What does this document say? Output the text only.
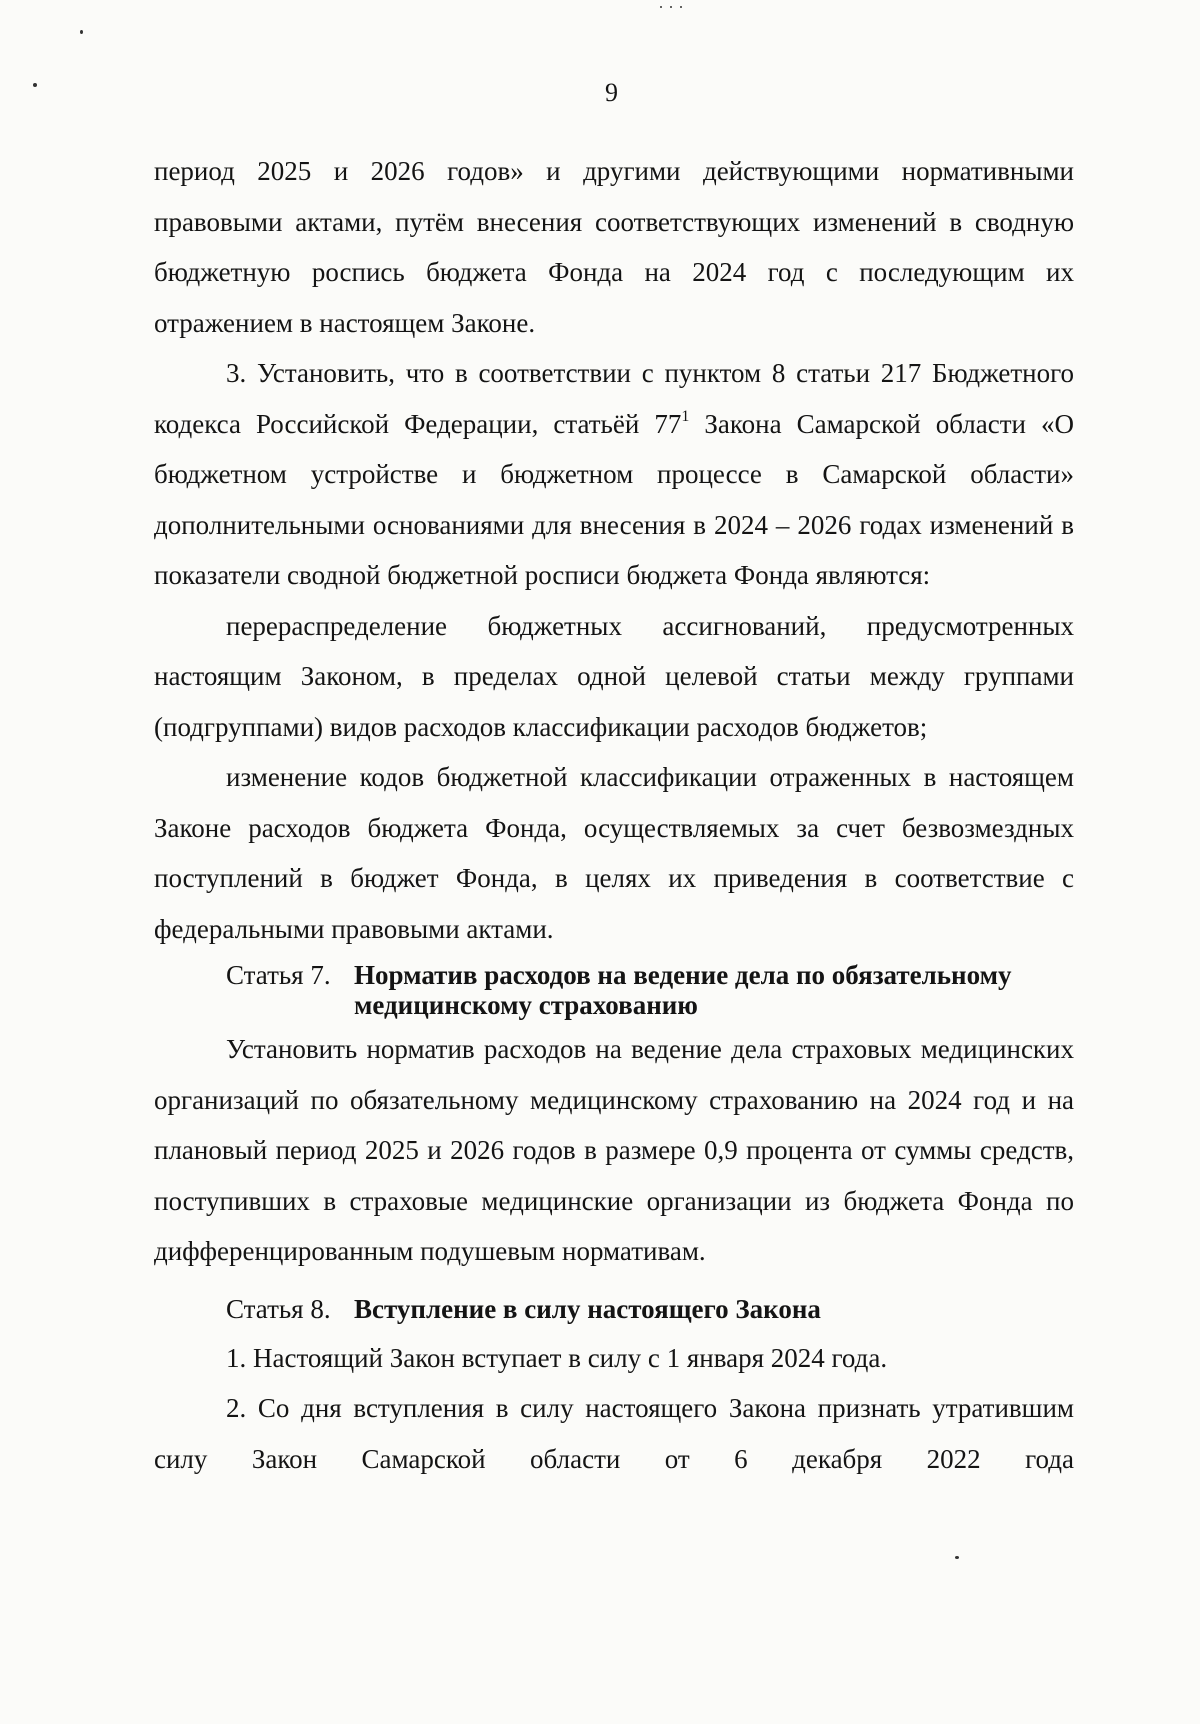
9

период 2025 и 2026 годов» и другими действующими нормативными правовыми актами, путём внесения соответствующих изменений в сводную бюджетную роспись бюджета Фонда на 2024 год с последующим их отражением в настоящем Законе.

3. Установить, что в соответствии с пунктом 8 статьи 217 Бюджетного кодекса Российской Федерации, статьёй $77^1$ Закона Самарской области «О бюджетном устройстве и бюджетном процессе в Самарской области» дополнительными основаниями для внесения в 2024 – 2026 годах изменений в показатели сводной бюджетной росписи бюджета Фонда являются:

перераспределение бюджетных ассигнований, предусмотренных настоящим Законом, в пределах одной целевой статьи между группами (подгруппами) видов расходов классификации расходов бюджетов;

изменение кодов бюджетной классификации отраженных в настоящем Законе расходов бюджета Фонда, осуществляемых за счет безвозмездных поступлений в бюджет Фонда, в целях их приведения в соответствие с федеральными правовыми актами.

Статья 7. Норматив расходов на ведение дела по обязательному медицинскому страхованию

Установить норматив расходов на ведение дела страховых медицинских организаций по обязательному медицинскому страхованию на 2024 год и на плановый период 2025 и 2026 годов в размере 0,9 процента от суммы средств, поступивших в страховые медицинские организации из бюджета Фонда по дифференцированным подушевым нормативам.

Статья 8. Вступление в силу настоящего Закона

1. Настоящий Закон вступает в силу с 1 января 2024 года.

2. Со дня вступления в силу настоящего Закона признать утратившим силу Закон Самарской области от 6 декабря 2022 года
